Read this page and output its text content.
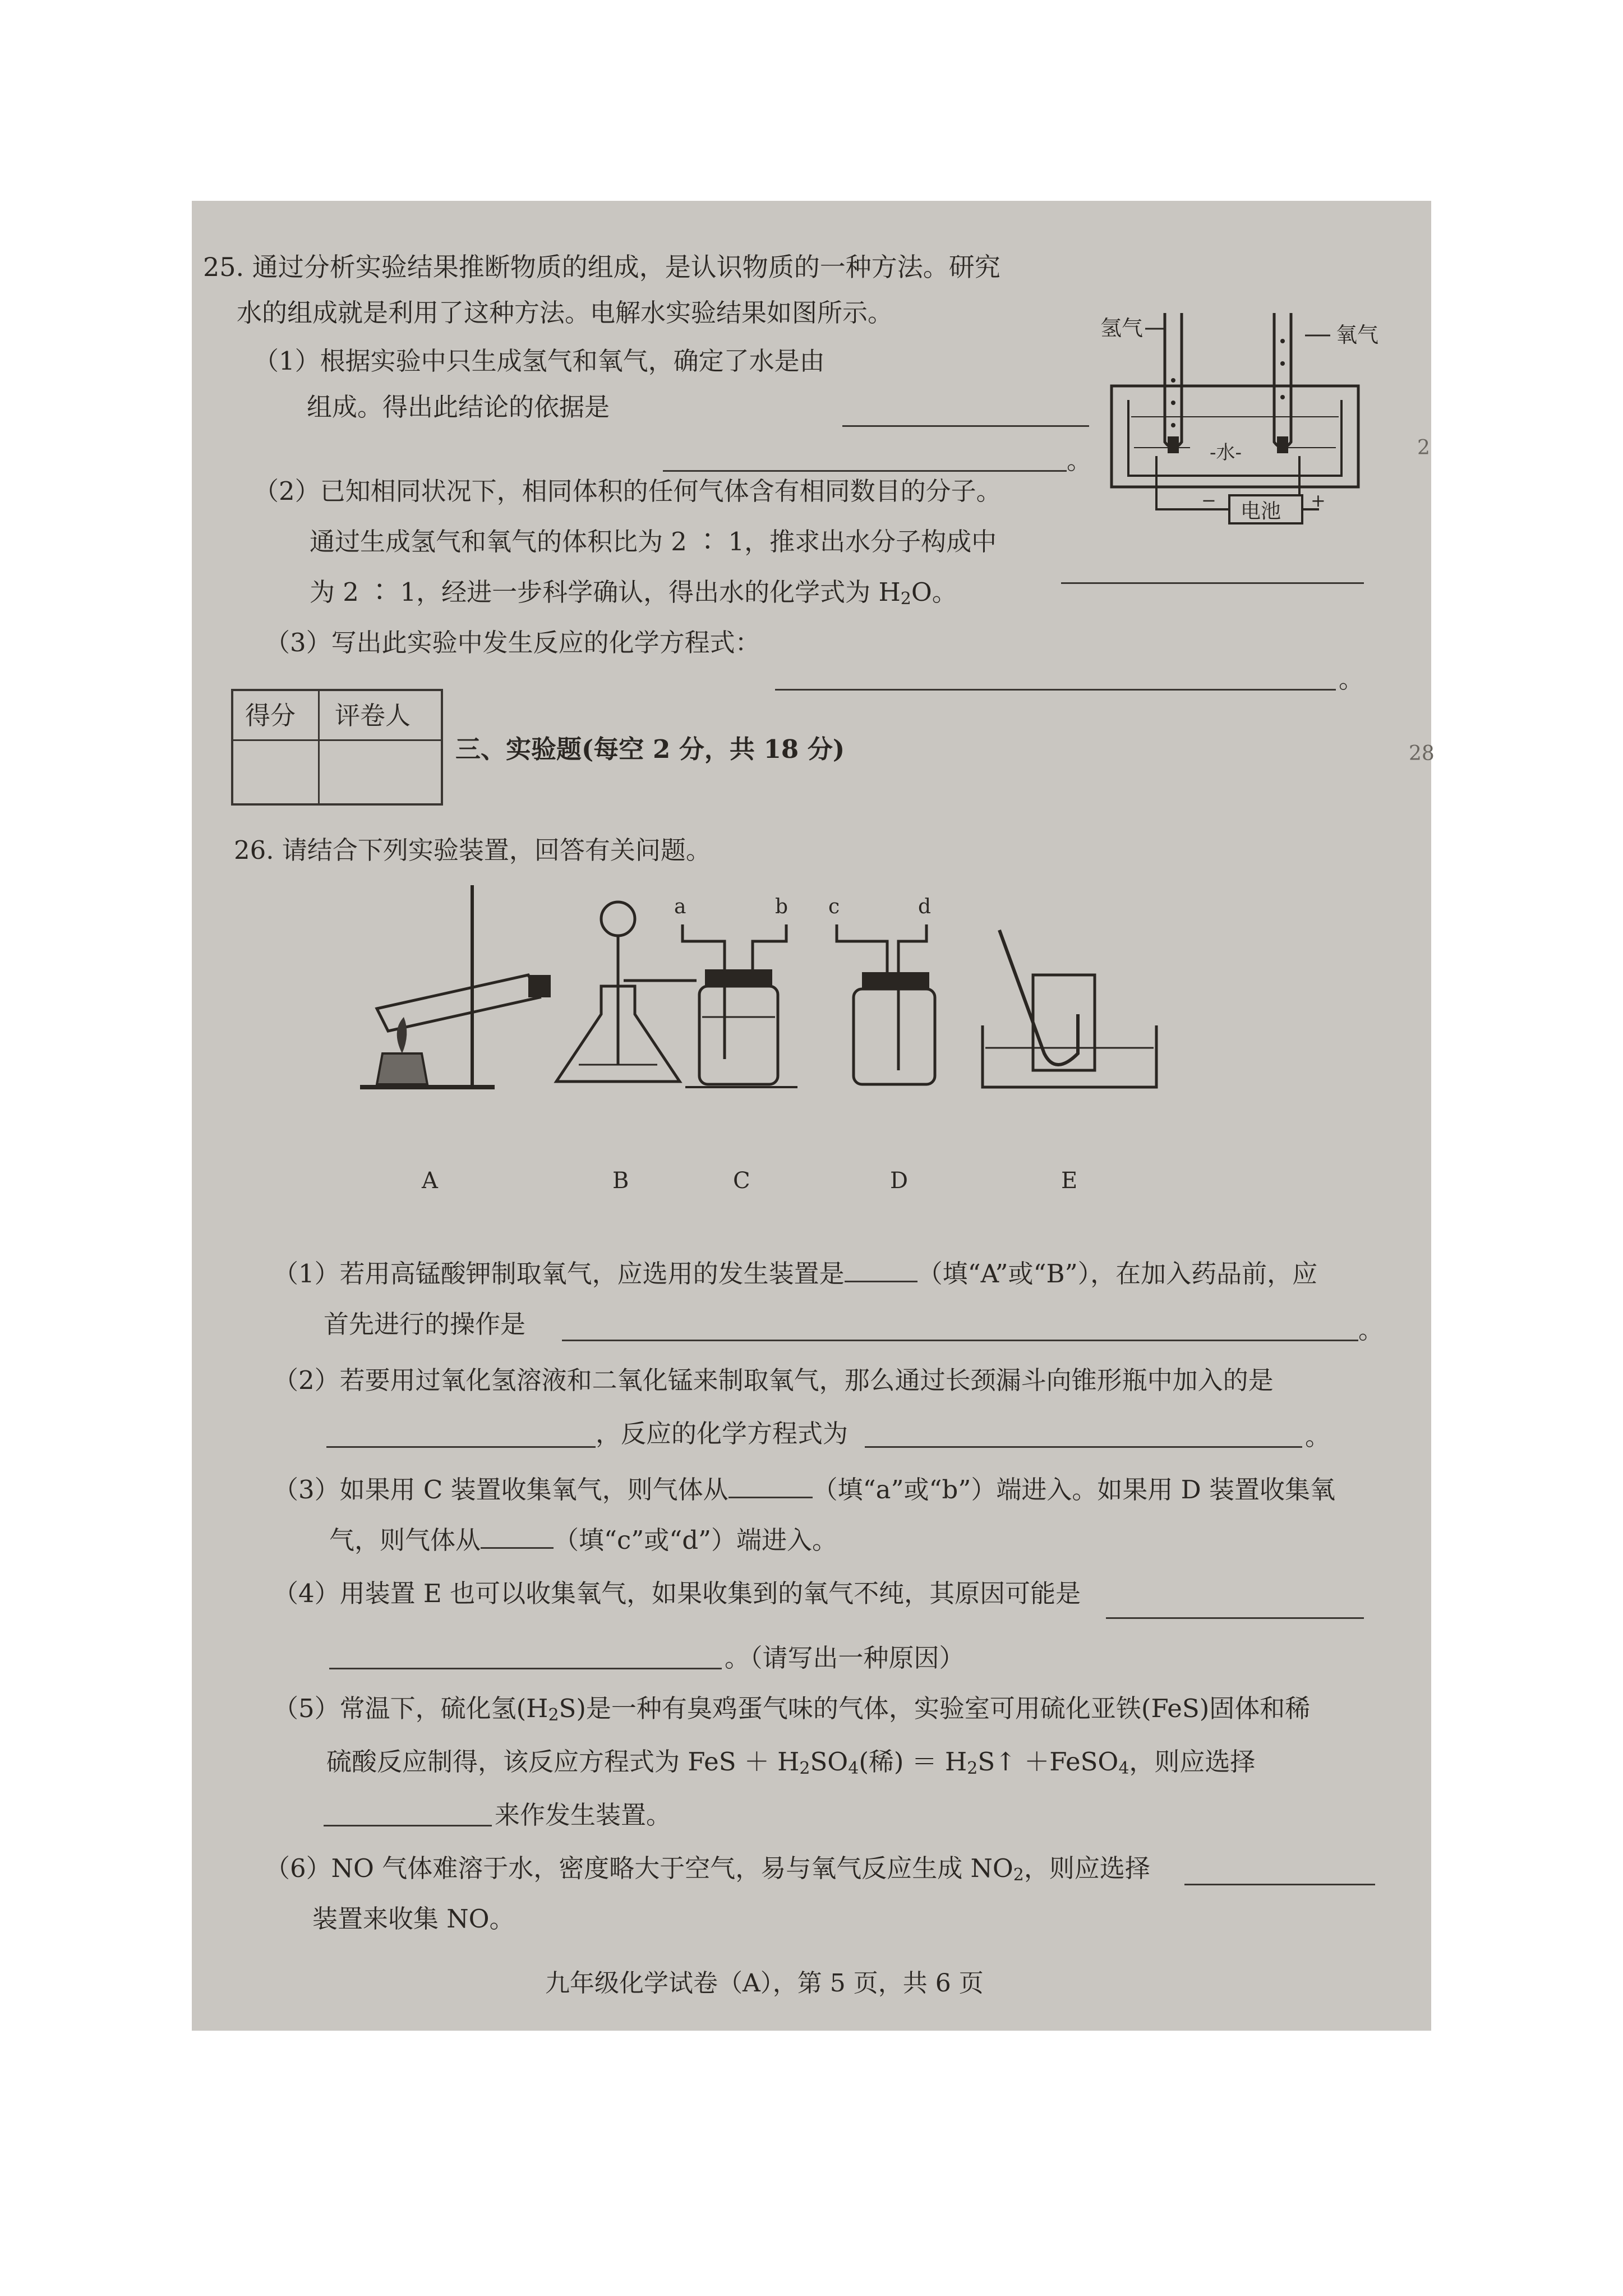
25. 通过分析实验结果推断物质的组成，是认识物质的一种方法。研究
水的组成就是利用了这种方法。电解水实验结果如图所示。
（1）根据实验中只生成氢气和氧气，确定了水是由
组成。得出此结论的依据是
。
（2）已知相同状况下，相同体积的任何气体含有相同数目的分子。
通过生成氢气和氧气的体积比为 2 ∶ 1，推求出水分子构成中
为 2 ∶ 1，经进一步科学确认，得出水的化学式为 $H_2O$。
（3）写出此实验中发生反应的化学方程式：
。
氢气	氧气
-水-
电池
−	+
得分 评卷人
三、实验题(每空 2 分，共 18 分)
26. 请结合下列实验装置，回答有关问题。
A	B
a	b
C
c	d
D	E
（1）若用高锰酸钾制取氧气，应选用的发生装置是	（填“A”或“B”），在加入药品前，应
首先进行的操作是	。
（2）若要用过氧化氢溶液和二氧化锰来制取氧气，那么通过长颈漏斗向锥形瓶中加入的是
，反应的化学方程式为	。
（3）如果用 C 装置收集氧气，则气体从	（填“a”或“b”）端进入。如果用 D 装置收集氧
气，则气体从	（填“c”或“d”）端进入。
（4）用装置 E 也可以收集氧气，如果收集到的氧气不纯，其原因可能是
。（请写出一种原因）
（5）常温下，硫化氢$(H_2S)$是一种有臭鸡蛋气味的气体，实验室可用硫化亚铁(FeS)固体和稀
硫酸反应制得，该反应方程式为 FeS ＋ $H_2SO_4$(稀) ＝ $H_2S↑$ ＋FeSO$_4$，则应选择
来作发生装置。
（6）NO 气体难溶于水，密度略大于空气，易与氧气反应生成 $NO_2$，则应选择
装置来收集 NO。
九年级化学试卷（A），第 5 页，共 6 页
2
28
